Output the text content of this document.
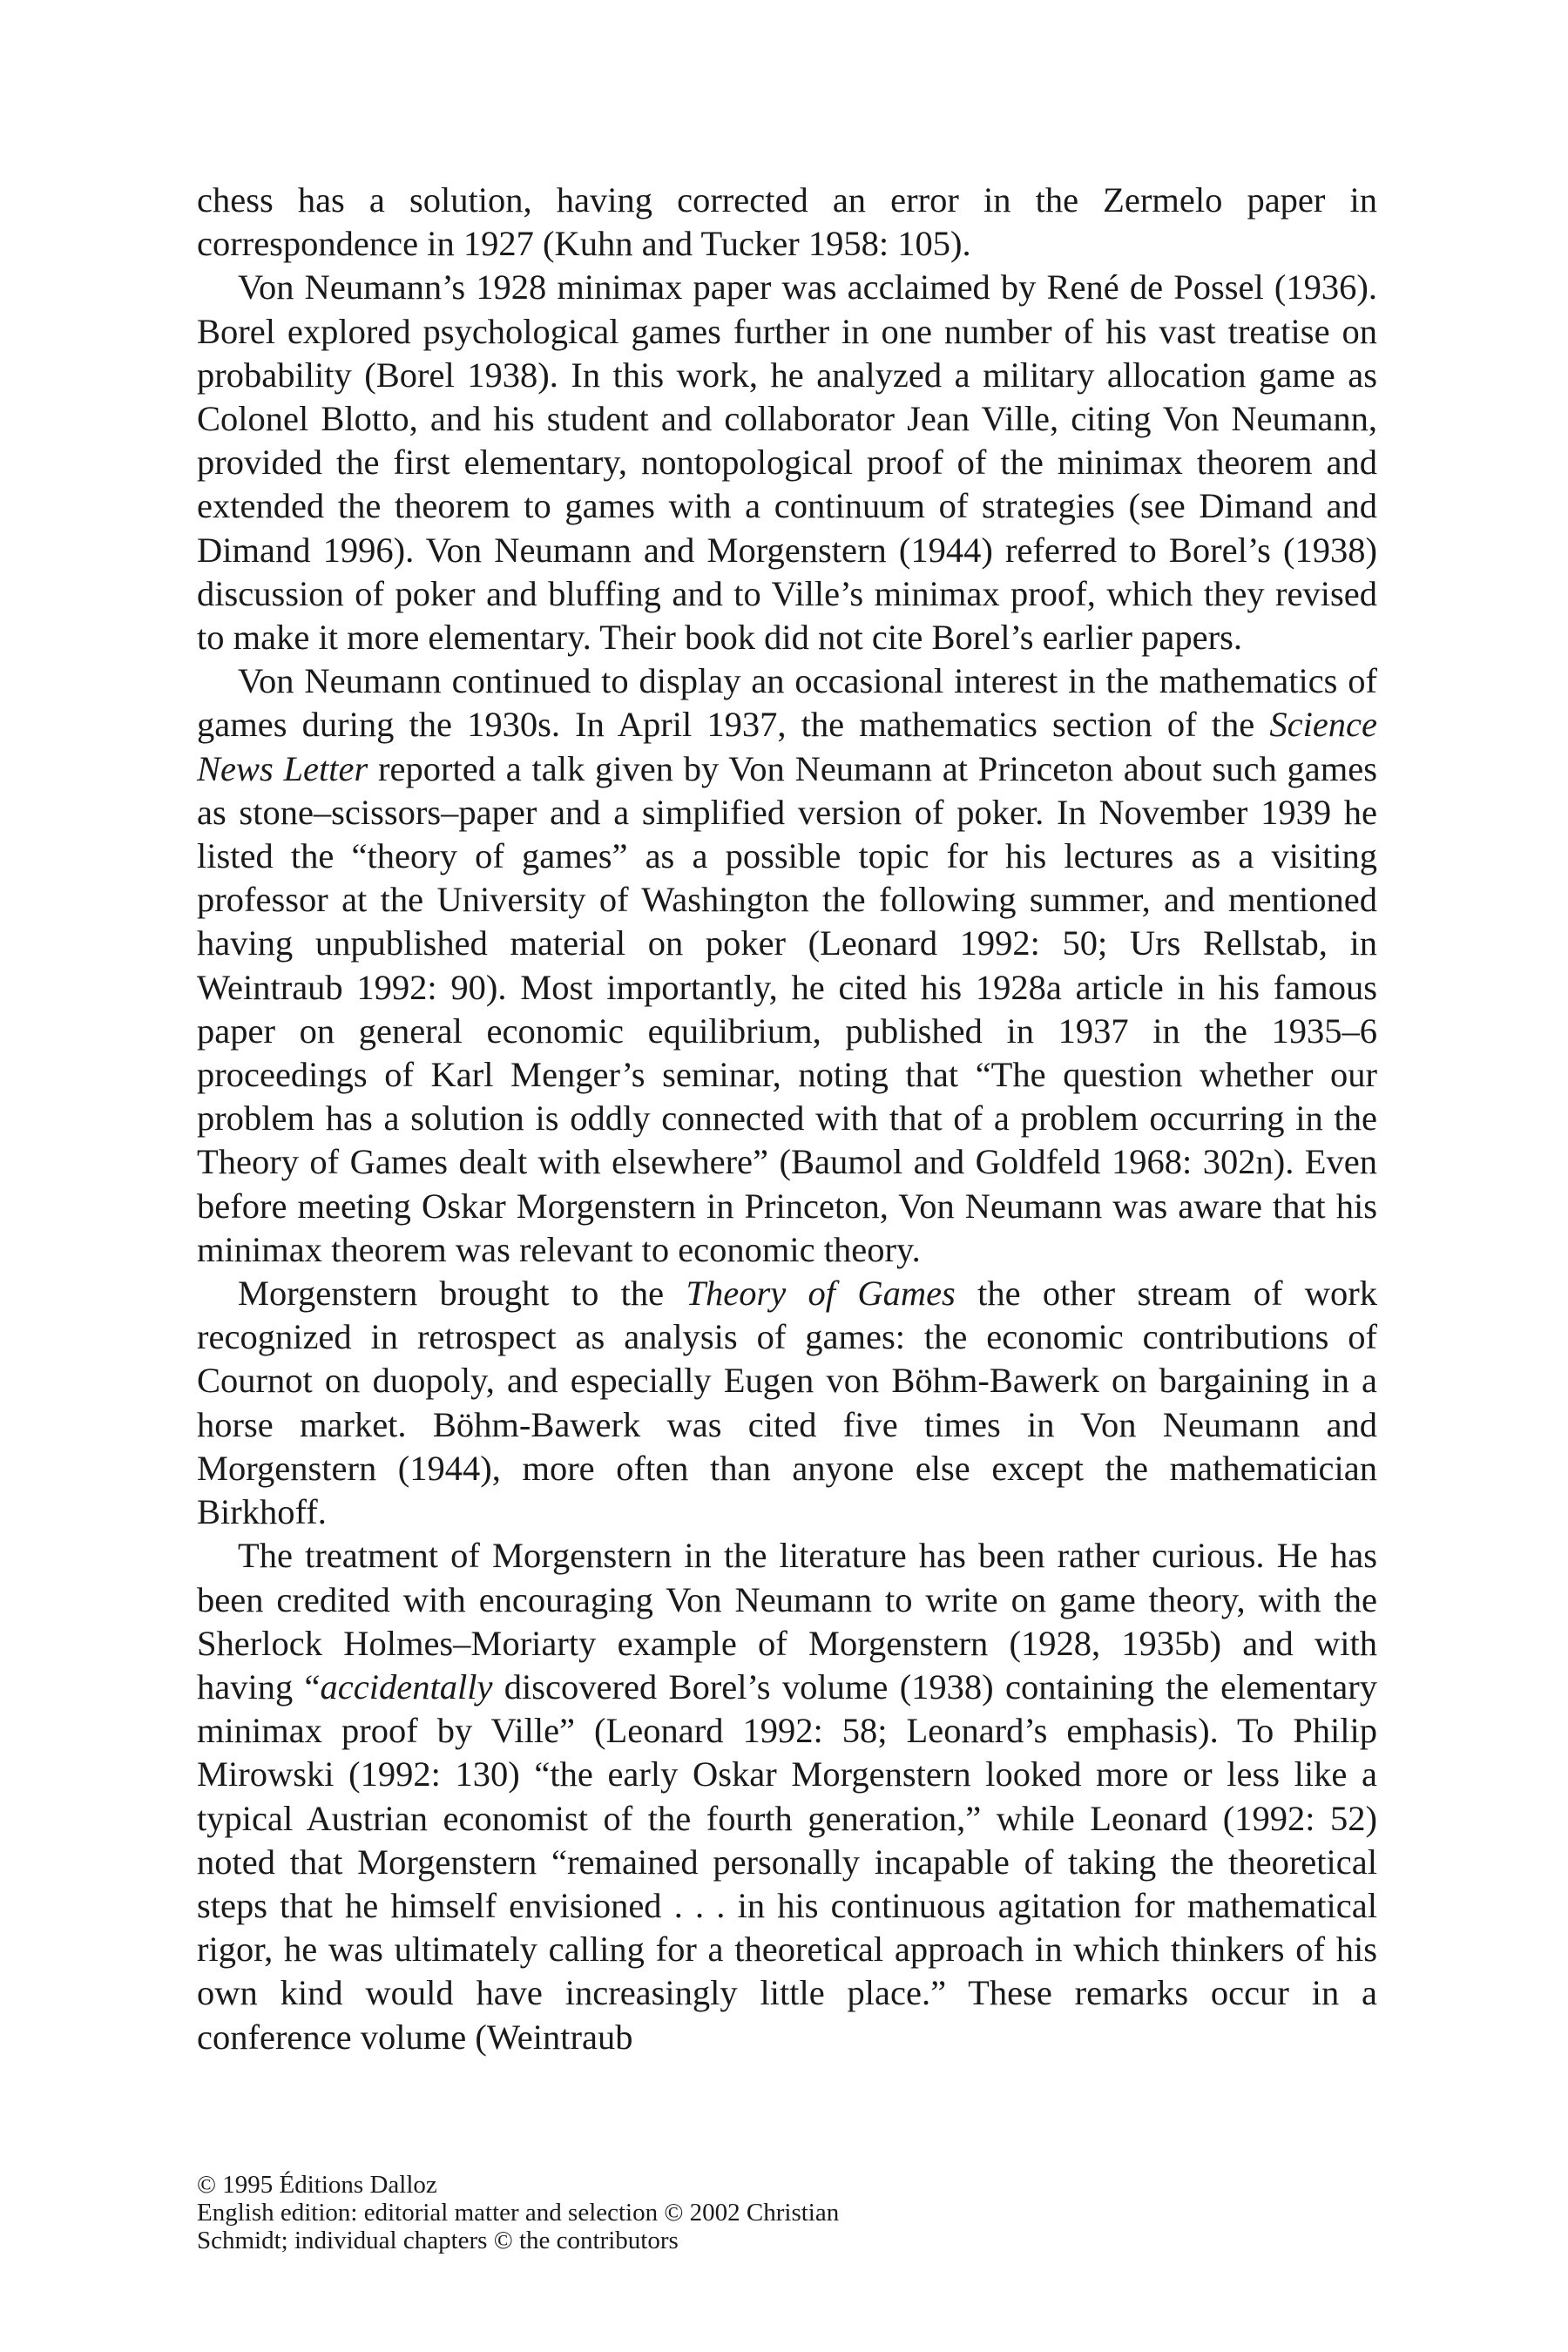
chess has a solution, having corrected an error in the Zermelo paper in correspondence in 1927 (Kuhn and Tucker 1958: 105).

Von Neumann’s 1928 minimax paper was acclaimed by René de Possel (1936). Borel explored psychological games further in one number of his vast treatise on probability (Borel 1938). In this work, he analyzed a military allocation game as Colonel Blotto, and his student and collaborator Jean Ville, citing Von Neumann, provided the first elementary, nontopological proof of the minimax theorem and extended the theorem to games with a continuum of strategies (see Dimand and Dimand 1996). Von Neumann and Morgenstern (1944) referred to Borel’s (1938) discussion of poker and bluffing and to Ville’s minimax proof, which they revised to make it more elementary. Their book did not cite Borel’s earlier papers.

Von Neumann continued to display an occasional interest in the mathematics of games during the 1930s. In April 1937, the mathematics section of the Science News Letter reported a talk given by Von Neumann at Princeton about such games as stone–scissors–paper and a simplified version of poker. In November 1939 he listed the “theory of games” as a possible topic for his lectures as a visiting professor at the University of Washington the following summer, and mentioned having unpublished material on poker (Leonard 1992: 50; Urs Rellstab, in Weintraub 1992: 90). Most importantly, he cited his 1928a article in his famous paper on general economic equilibrium, published in 1937 in the 1935–6 proceedings of Karl Menger’s seminar, noting that “The question whether our problem has a solution is oddly connected with that of a problem occurring in the Theory of Games dealt with elsewhere” (Baumol and Goldfeld 1968: 302n). Even before meeting Oskar Morgenstern in Princeton, Von Neumann was aware that his minimax theorem was relevant to economic theory.

Morgenstern brought to the Theory of Games the other stream of work recognized in retrospect as analysis of games: the economic contributions of Cournot on duopoly, and especially Eugen von Böhm-Bawerk on bargaining in a horse market. Böhm-Bawerk was cited five times in Von Neumann and Morgenstern (1944), more often than anyone else except the mathematician Birkhoff.

The treatment of Morgenstern in the literature has been rather curious. He has been credited with encouraging Von Neumann to write on game theory, with the Sherlock Holmes–Moriarty example of Morgenstern (1928, 1935b) and with having “accidentally discovered Borel’s volume (1938) containing the elementary minimax proof by Ville” (Leonard 1992: 58; Leonard’s emphasis). To Philip Mirowski (1992: 130) “the early Oskar Morgenstern looked more or less like a typical Austrian economist of the fourth generation,” while Leonard (1992: 52) noted that Morgenstern “remained personally incapable of taking the theoretical steps that he himself envisioned . . . in his continuous agitation for mathematical rigor, he was ultimately calling for a theoretical approach in which thinkers of his own kind would have increasingly little place.” These remarks occur in a conference volume (Weintraub

© 1995 Éditions Dalloz
English edition: editorial matter and selection © 2002 Christian
Schmidt; individual chapters © the contributors
